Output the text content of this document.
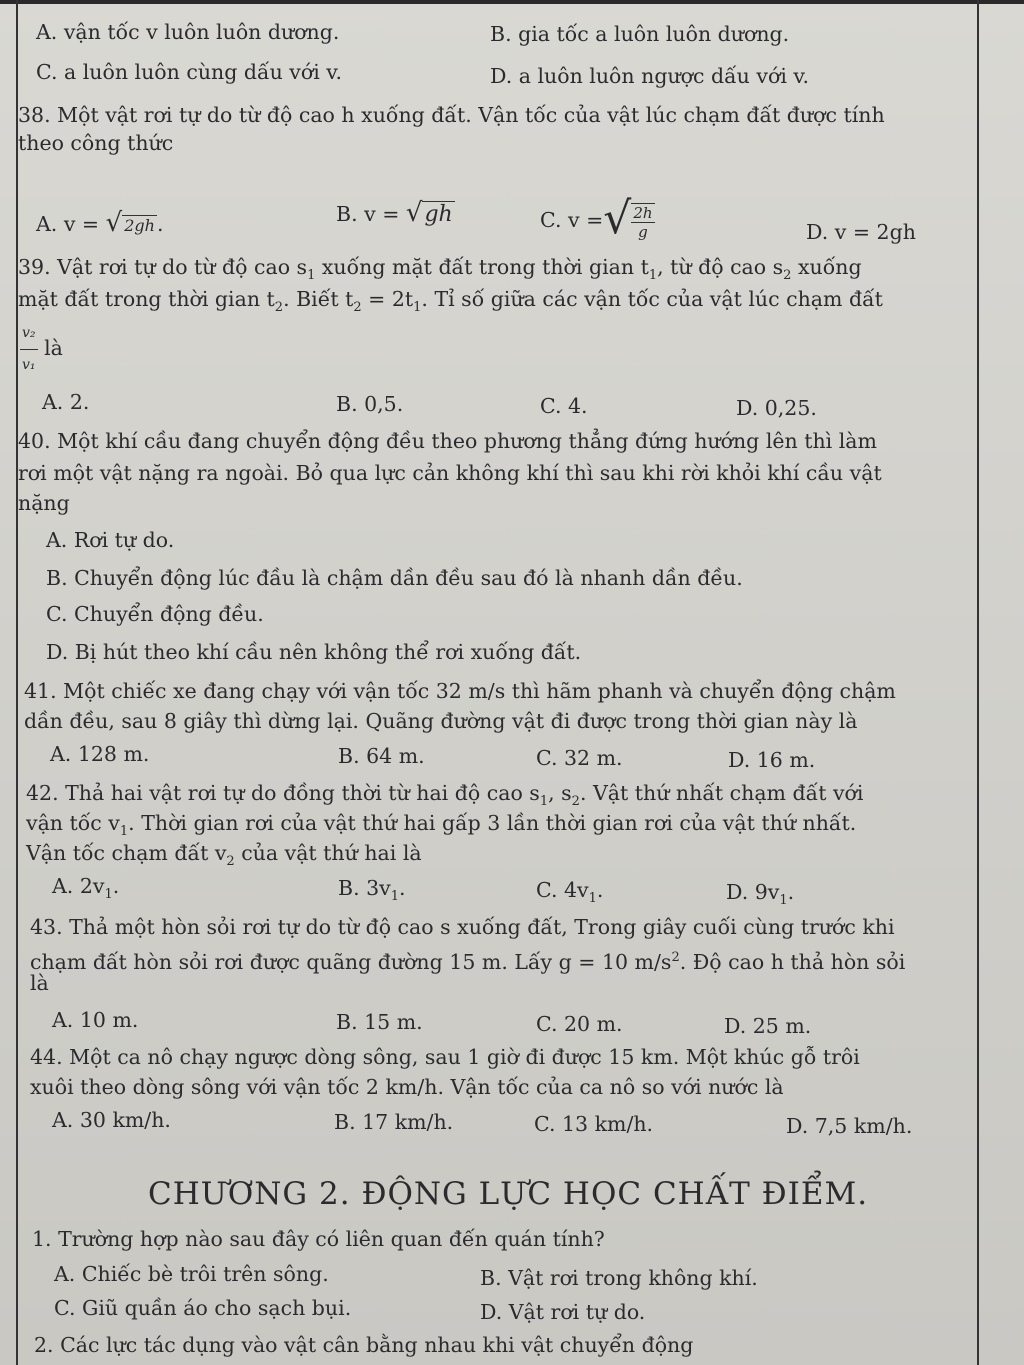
A. vận tốc v luôn luôn dương.	B. gia tốc a luôn luôn dương.
C. a luôn luôn cùng dấu với v.	D. a luôn luôn ngược dấu với v.
38. Một vật rơi tự do từ độ cao h xuống đất. Vận tốc của vật lúc chạm đất được tính
theo công thức
A. v = √ 2gh.	B. v = √gh	C. v =√ $\frac{2h}{g}$	D. v = 2gh
39. Vật rơi tự do từ độ cao $s_1$ xuống mặt đất trong thời gian $t_1$, từ độ cao $s_2$ xuống
mặt đất trong thời gian $t_2$. Biết $t_2 = 2t_1$. Tỉ số giữa các vận tốc của vật lúc chạm đất
$\frac{\text{v₂}}{\text{v₁}}$ là
A. 2.	B. 0,5.	C. 4.	D. 0,25.
40. Một khí cầu đang chuyển động đều theo phương thẳng đứng hướng lên thì làm
rơi một vật nặng ra ngoài. Bỏ qua lực cản không khí thì sau khi rời khỏi khí cầu vật
nặng
A. Rơi tự do.
B. Chuyển động lúc đầu là chậm dần đều sau đó là nhanh dần đều.
C. Chuyển động đều.
D. Bị hút theo khí cầu nên không thể rơi xuống đất.
41. Một chiếc xe đang chạy với vận tốc 32 m/s thì hãm phanh và chuyển động chậm
dần đều, sau 8 giây thì dừng lại. Quãng đường vật đi được trong thời gian này là
A. 128 m.	B. 64 m.	C. 32 m.	D. 16 m.
42. Thả hai vật rơi tự do đồng thời từ hai độ cao $s_1$, $s_2$. Vật thứ nhất chạm đất với
vận tốc $v_1$. Thời gian rơi của vật thứ hai gấp 3 lần thời gian rơi của vật thứ nhất.
Vận tốc chạm đất $v_2$ của vật thứ hai là
A. $2v_1$.	B. $3v_1$.	C. $4v_1$.	D. $9v_1$.
43. Thả một hòn sỏi rơi tự do từ độ cao s xuống đất, Trong giây cuối cùng trước khi
chạm đất hòn sỏi rơi được quãng đường 15 m. Lấy g = 10 $m/s^2$. Độ cao h thả hòn sỏi
là
A. 10 m.	B. 15 m.	C. 20 m.	D. 25 m.
44. Một ca nô chạy ngược dòng sông, sau 1 giờ đi được 15 km. Một khúc gỗ trôi
xuôi theo dòng sông với vận tốc 2 km/h. Vận tốc của ca nô so với nước là
A. 30 km/h.	B. 17 km/h.	C. 13 km/h.	D. 7,5 km/h.
CHƯƠNG 2. ĐỘNG LỰC HỌC CHẤT ĐIỂM.
1. Trường hợp nào sau đây có liên quan đến quán tính?
A. Chiếc bè trôi trên sông.	B. Vật rơi trong không khí.
C. Giũ quần áo cho sạch bụi.	D. Vật rơi tự do.
2. Các lực tác dụng vào vật cân bằng nhau khi vật chuyển động
